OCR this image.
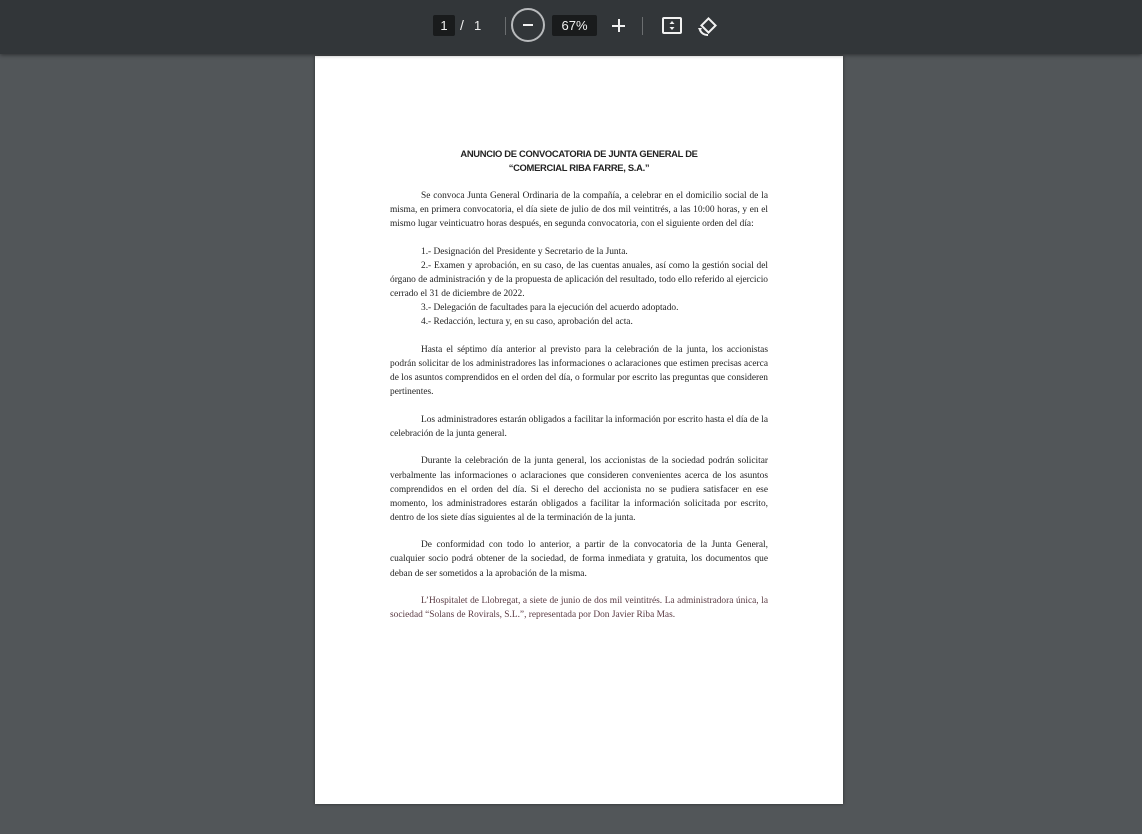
1 / 1	67%
ANUNCIO DE CONVOCATORIA DE JUNTA GENERAL DE
“COMERCIAL RIBA FARRE, S.A.”

Se convoca Junta General Ordinaria de la compañía, a celebrar en el domicilio social de la misma, en primera convocatoria, el día siete de julio de dos mil veintitrés, a las 10:00 horas, y en el mismo lugar veinticuatro horas después, en segunda convocatoria, con el siguiente orden del día:

1.- Designación del Presidente y Secretario de la Junta.

2.- Examen y aprobación, en su caso, de las cuentas anuales, así como la gestión social del órgano de administración y de la propuesta de aplicación del resultado, todo ello referido al ejercicio cerrado el 31 de diciembre de 2022.

3.- Delegación de facultades para la ejecución del acuerdo adoptado.

4.- Redacción, lectura y, en su caso, aprobación del acta.

Hasta el séptimo día anterior al previsto para la celebración de la junta, los accionistas podrán solicitar de los administradores las informaciones o aclaraciones que estimen precisas acerca de los asuntos comprendidos en el orden del día, o formular por escrito las preguntas que consideren pertinentes.

Los administradores estarán obligados a facilitar la información por escrito hasta el día de la celebración de la junta general.

Durante la celebración de la junta general, los accionistas de la sociedad podrán solicitar verbalmente las informaciones o aclaraciones que consideren convenientes acerca de los asuntos comprendidos en el orden del día. Si el derecho del accionista no se pudiera satisfacer en ese momento, los administradores estarán obligados a facilitar la información solicitada por escrito, dentro de los siete días siguientes al de la terminación de la junta.

De conformidad con todo lo anterior, a partir de la convocatoria de la Junta General, cualquier socio podrá obtener de la sociedad, de forma inmediata y gratuita, los documentos que deban de ser sometidos a la aprobación de la misma.

L’Hospitalet de Llobregat, a siete de junio de dos mil veintitrés. La administradora única, la sociedad “Solans de Rovirals, S.L.”, representada por Don Javier Riba Mas.
